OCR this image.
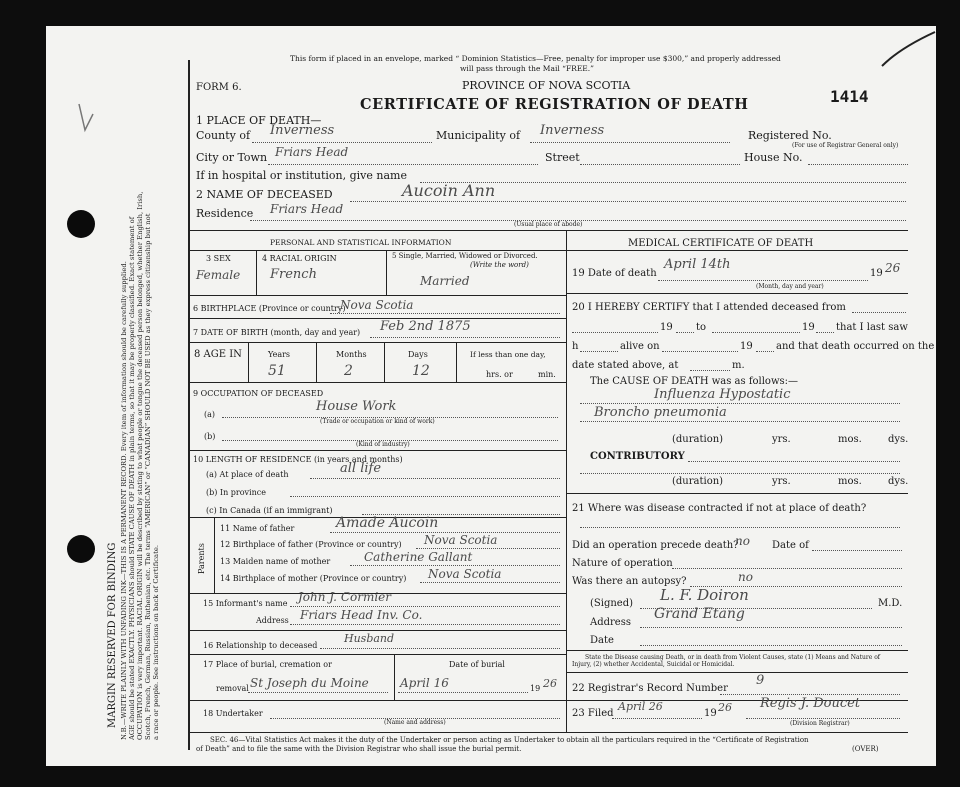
MARGIN RESERVED FOR BINDING N.B.—WRITE PLAINLY WITH UNFADING INK—THIS IS A PERMANENT RECORD. Every item of information should be carefully supplied. AGE should be stated EXACTLY. PHYSICIANS should STATE CAUSE OF DEATH in plain terms, so that it may be properly classified. Exact statement of OCCUPATION is very important. RACIAL ORIGIN will be described by stating to what people or tongue the deceased person belonged, whether English, Irish, Scotch, French, German, Russian, Ruthenian, etc. The terms “AMERICAN” or “CANADIAN” SHOULD NOT BE USED as they express citizenship but not a race or people. See instructions on back of Certificate.
This form if placed in an envelope, marked “ Dominion Statistics—Free, penalty for improper use $300,” and properly addressed
will pass through the Mail “FREE.”
FORM 6.	PROVINCE OF NOVA SCOTIA
CERTIFICATE OF REGISTRATION OF DEATH	1414
1 PLACE OF DEATH—
County of Inverness	Municipality of Inverness	Registered No.
(For use of Registrar General only)
City or Town Friars Head	Street	House No.
If in hospital or institution, give name
2 NAME OF DECEASED	Aucoin Ann
Residence Friars Head
(Usual place of abode)
PERSONAL AND STATISTICAL INFORMATION	MEDICAL CERTIFICATE OF DEATH
3 SEX
Female
4 RACIAL ORIGIN
French
5 Single, Married, Widowed or Divorced.
(Write the word)
Married
6 BIRTHPLACE (Province or country)
Nova Scotia
7 DATE OF BIRTH (month, day and year) Feb 2nd 1875
8 AGE IN	Years	Months	Days	If less than one day,
51	2	12	hrs. or	min.
9 OCCUPATION OF DECEASED
(a)
House Work
(Trade or occupation or kind of work)
(b)
(Kind of industry)
10 LENGTH OF RESIDENCE (in years and months)
(a) At place of death	all life
(b) In province
(c) In Canada (if an immigrant)
Parents
11 Name of father	Amade Aucoin
12 Birthplace of father (Province or country) Nova Scotia
13 Maiden name of mother	Catherine Gallant
14 Birthplace of mother (Province or country) Nova Scotia
15 Informant's name John J. Cormier
Address Friars Head Inv. Co.
16 Relationship to deceased
Husband
17 Place of burial, cremation or	Date of burial
removal St Joseph du Moine	April 16	19 26
18 Undertaker
(Name and address)
19 Date of death
April 14th
19 26
(Month, day and year)
20 I HEREBY CERTIFY that I attended deceased from
19 to	19 that I last saw
h	alive on	19 and that death occurred on the
date stated above, at	m.
The CAUSE OF DEATH was as follows:—
Influenza Hypostatic
Broncho pneumonia
(duration)	yrs.	mos.	dys.
CONTRIBUTORY
(duration)	yrs.	mos.	dys.
21 Where was disease contracted if not at place of death?
Did an operation precede death?
no Date of
Nature of operation
Was there an autopsy?	no
(Signed) L. F. Doiron	M.D.
Address
Grand Etang
Date
State the Disease causing Death, or in death from Violent Causes, state (1) Means and Nature of
Injury, (2) whether Accidental, Suicidal or Homicidal.
22 Registrar's Record Number
9
23 Filed
April 26
19 26 Regis J. Doucet
(Division Registrar)
SEC. 46—Vital Statistics Act makes it the duty of the Undertaker or person acting as Undertaker to obtain all the particulars required in the “Certificate of Registration
of Death” and to file the same with the Division Registrar who shall issue the burial permit.	(OVER)
